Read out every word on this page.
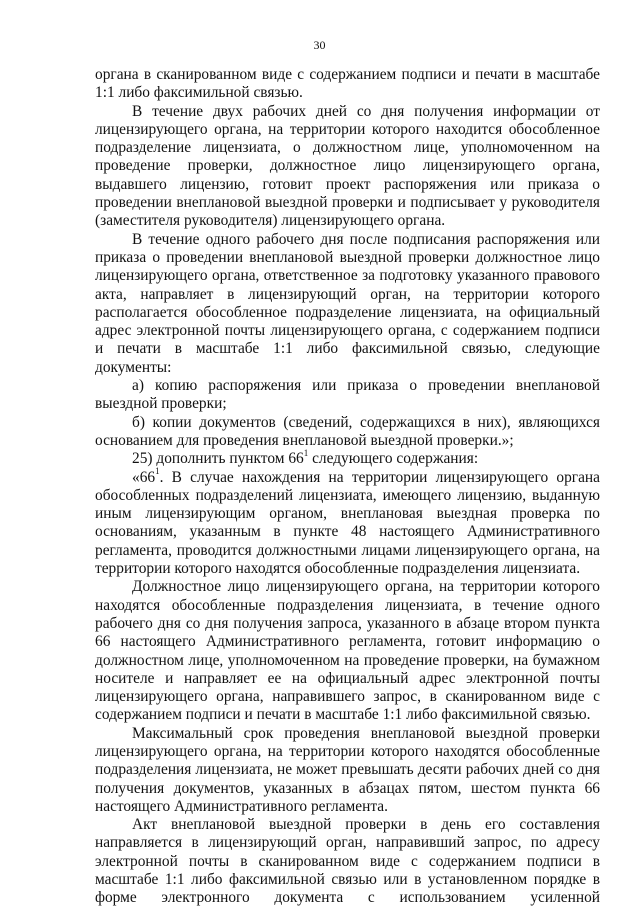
30

органа в сканированном виде с содержанием подписи и печати в масштабе 1:1 либо факсимильной связью.

В течение двух рабочих дней со дня получения информации от лицензирующего органа, на территории которого находится обособленное подразделение лицензиата, о должностном лице, уполномоченном на проведение проверки, должностное лицо лицензирующего органа, выдавшего лицензию, готовит проект распоряжения или приказа о проведении внеплановой выездной проверки и подписывает у руководителя (заместителя руководителя) лицензирующего органа.

В течение одного рабочего дня после подписания распоряжения или приказа о проведении внеплановой выездной проверки должностное лицо лицензирующего органа, ответственное за подготовку указанного правового акта, направляет в лицензирующий орган, на территории которого располагается обособленное подразделение лицензиата, на официальный адрес электронной почты лицензирующего органа, с содержанием подписи и печати в масштабе 1:1 либо факсимильной связью, следующие документы:

а) копию распоряжения или приказа о проведении внеплановой выездной проверки;

б) копии документов (сведений, содержащихся в них), являющихся основанием для проведения внеплановой выездной проверки.»;

25) дополнить пунктом $66^1$ следующего содержания:

«$66^1$. В случае нахождения на территории лицензирующего органа обособленных подразделений лицензиата, имеющего лицензию, выданную иным лицензирующим органом, внеплановая выездная проверка по основаниям, указанным в пункте 48 настоящего Административного регламента, проводится должностными лицами лицензирующего органа, на территории которого находятся обособленные подразделения лицензиата.

Должностное лицо лицензирующего органа, на территории которого находятся обособленные подразделения лицензиата, в течение одного рабочего дня со дня получения запроса, указанного в абзаце втором пункта 66 настоящего Административного регламента, готовит информацию о должностном лице, уполномоченном на проведение проверки, на бумажном носителе и направляет ее на официальный адрес электронной почты лицензирующего органа, направившего запрос, в сканированном виде с содержанием подписи и печати в масштабе 1:1 либо факсимильной связью.

Максимальный срок проведения внеплановой выездной проверки лицензирующего органа, на территории которого находятся обособленные подразделения лицензиата, не может превышать десяти рабочих дней со дня получения документов, указанных в абзацах пятом, шестом пункта 66 настоящего Административного регламента.

Акт внеплановой выездной проверки в день его составления направляется в лицензирующий орган, направивший запрос, по адресу электронной почты в сканированном виде с содержанием подписи в масштабе 1:1 либо факсимильной связью или в установленном порядке в форме электронного документа с использованием усиленной
